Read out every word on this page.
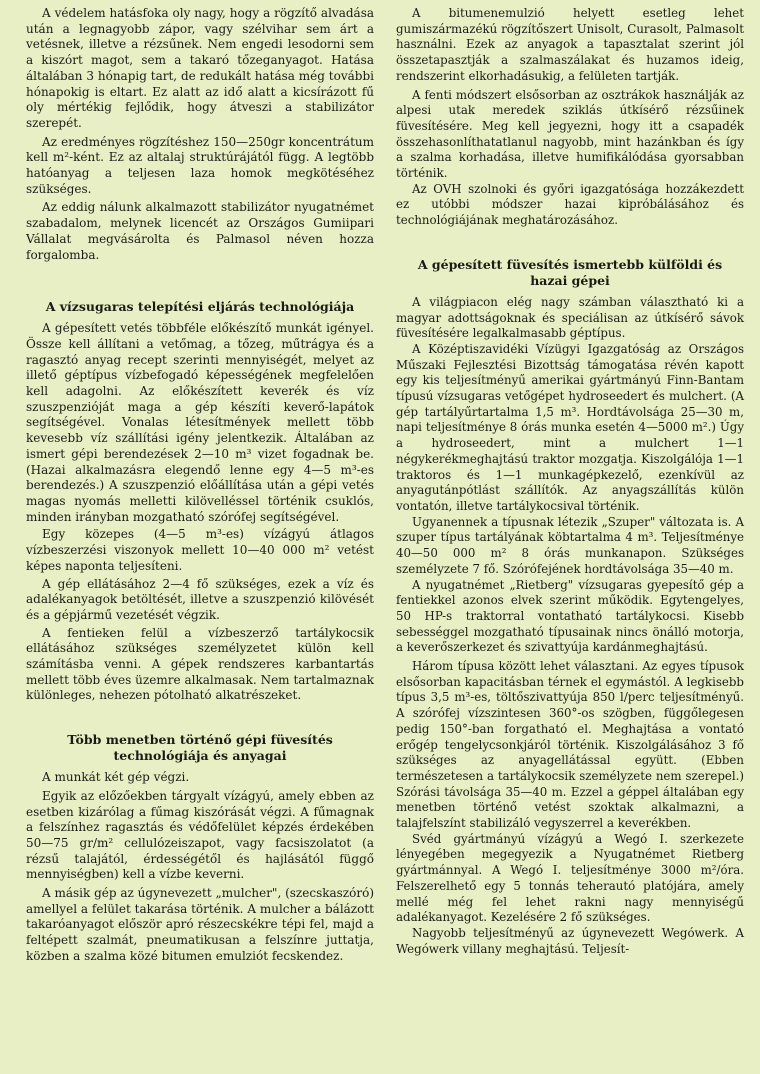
A védelem hatásfoka oly nagy, hogy a rögzítő alvadása után a legnagyobb zápor, vagy szélvihar sem árt a vetésnek, illetve a rézsűnek. Nem engedi lesodorni sem a kiszórt magot, sem a takaró tőzeganyagot. Hatása általában 3 hónapig tart, de redukált hatása még további hónapokig is eltart. Ez alatt az idő alatt a kicsírázott fű oly mértékig fejlődik, hogy átveszi a stabilizátor szerepét.

Az eredményes rögzítéshez 150—250gr koncentrátum kell m²-ként. Ez az altalaj struktúrájától függ. A legtöbb hatóanyag a teljesen laza homok megkötéséhez szükséges.

Az eddig nálunk alkalmazott stabilizátor nyugatnémet szabadalom, melynek licencét az Országos Gumiipari Vállalat megvásárolta és Palmasol néven hozza forgalomba.

A vízsugaras telepítési eljárás technológiája

A gépesített vetés többféle előkészítő munkát igényel. Össze kell állítani a vetőmag, a tőzeg, műtrágya és a ragasztó anyag recept szerinti mennyiségét, melyet az illető géptípus vízbefogadó képességének megfelelően kell adagolni. Az előkészített keverék és víz szuszpenzióját maga a gép készíti keverő-lapátok segítségével. Vonalas létesítmények mellett több kevesebb víz szállítási igény jelentkezik. Általában az ismert gépi berendezések 2—10 m³ vizet fogadnak be. (Hazai alkalmazásra elegendő lenne egy 4—5 m³-es berendezés.) A szuszpenzió előállítása után a gépi vetés magas nyomás melletti kilövelléssel történik csuklós, minden irányban mozgatható szórófej segítségével.

Egy közepes (4—5 m³-es) vízágyú átlagos vízbeszerzési viszonyok mellett 10—40 000 m² vetést képes naponta teljesíteni.

A gép ellátásához 2—4 fő szükséges, ezek a víz és adalékanyagok betöltését, illetve a szuszpenzió kilövését és a gépjármű vezetését végzik.

A fentieken felül a vízbeszerző tartálykocsik ellátásához szükséges személyzetet külön kell számításba venni. A gépek rendszeres karbantartás mellett több éves üzemre alkalmasak. Nem tartalmaznak különleges, nehezen pótolható alkatrészeket.

Több menetben történő gépi füvesítés technológiája és anyagai

A munkát két gép végzi.

Egyik az előzőekben tárgyalt vízágyú, amely ebben az esetben kizárólag a fűmag kiszórását végzi. A fűmagnak a felszínhez ragasztás és védőfelület képzés érdekében 50—75 gr/m² cellulózeiszapot, vagy facsiszolatot (a rézsű talajától, érdességétől és hajlásától függő mennyiségben) kell a vízbe keverni.

A másik gép az úgynevezett „mulcher", (szecskaszóró) amellyel a felület takarása történik. A mulcher a bálázott takaróanyagot először apró részecskékre tépi fel, majd a feltépett szalmát, pneumatikusan a felszínre juttatja, közben a szalma közé bitumen emulziót fecskendez.

A bitumenemulzió helyett esetleg lehet gumiszármazékú rögzítőszert Unisolt, Curasolt, Palmasolt használni. Ezek az anyagok a tapasztalat szerint jól összetapasztják a szalmaszálakat és huzamos ideig, rendszerint elkorhadásukig, a felületen tartják.

A fenti módszert elsősorban az osztrákok használják az alpesi utak meredek sziklás útkísérő rézsűinek füvesítésére. Meg kell jegyezni, hogy itt a csapadék összehasonlíthatatlanul nagyobb, mint hazánkban és így a szalma korhadása, illetve humifikálódása gyorsabban történik.

Az OVH szolnoki és győri igazgatósága hozzákezdett ez utóbbi módszer hazai kipróbálásához és technológiájának meghatározásához.

A gépesített füvesítés ismertebb külföldi és hazai gépei

A világpiacon elég nagy számban választható ki a magyar adottságoknak és speciálisan az útkísérő sávok füvesítésére legalkalmasabb géptípus.

A Középtiszavidéki Vízügyi Igazgatóság az Országos Műszaki Fejlesztési Bizottság támogatása révén kapott egy kis teljesítményű amerikai gyártmányú Finn-Bantam típusú vízsugaras vetőgépet hydroseedert és mulchert. (A gép tartályűrtartalma 1,5 m³. Hordtávolsága 25—30 m, napi teljesítménye 8 órás munka esetén 4—5000 m².) Úgy a hydroseedert, mint a mulchert 1—1 négykerékmeghajtású traktor mozgatja. Kiszolgálója 1—1 traktoros és 1—1 munkagépkezelő, ezenkívül az anyagutánpótlást szállítók. Az anyagszállítás külön vontatón, illetve tartálykocsival történik.

Ugyanennek a típusnak létezik „Szuper" változata is. A szuper típus tartályának köbtartalma 4 m³. Teljesítménye 40—50 000 m² 8 órás munkanapon. Szükséges személyzete 7 fő. Szórófejének hordtávolsága 35—40 m.

A nyugatnémet „Rietberg" vízsugaras gyepesítő gép a fentiekkel azonos elvek szerint működik. Egytengelyes, 50 HP-s traktorral vontatható tartálykocsi. Kisebb sebességgel mozgatható típusainak nincs önálló motorja, a keverőszerkezet és szivattyúja kardánmeghajtású.

Három típusa között lehet választani. Az egyes típusok elsősorban kapacitásban térnek el egymástól. A legkisebb típus 3,5 m³-es, töltőszivattyúja 850 l/perc teljesítményű. A szórófej vízszintesen 360°-os szögben, függőlegesen pedig 150°-ban forgatható el. Meghajtása a vontató erőgép tengelycsonkjáról történik. Kiszolgálásához 3 fő szükséges az anyagellátással együtt. (Ebben természetesen a tartálykocsik személyzete nem szerepel.) Szórási távolsága 35—40 m. Ezzel a géppel általában egy menetben történő vetést szoktak alkalmazni, a talajfelszínt stabilizáló vegyszerrel a keverékben.

Svéd gyártmányú vízágyú a Wegó I. szerkezete lényegében megegyezik a Nyugatnémet Rietberg gyártmánnyal. A Wegó I. teljesítménye 3000 m²/óra. Felszerelhető egy 5 tonnás teherautó platójára, amely mellé még fel lehet rakni nagy mennyiségű adalékanyagot. Kezelésére 2 fő szükséges.

Nagyobb teljesítményű az úgynevezett Wegówerk. A Wegówerk villany meghajtású. Teljesít-
